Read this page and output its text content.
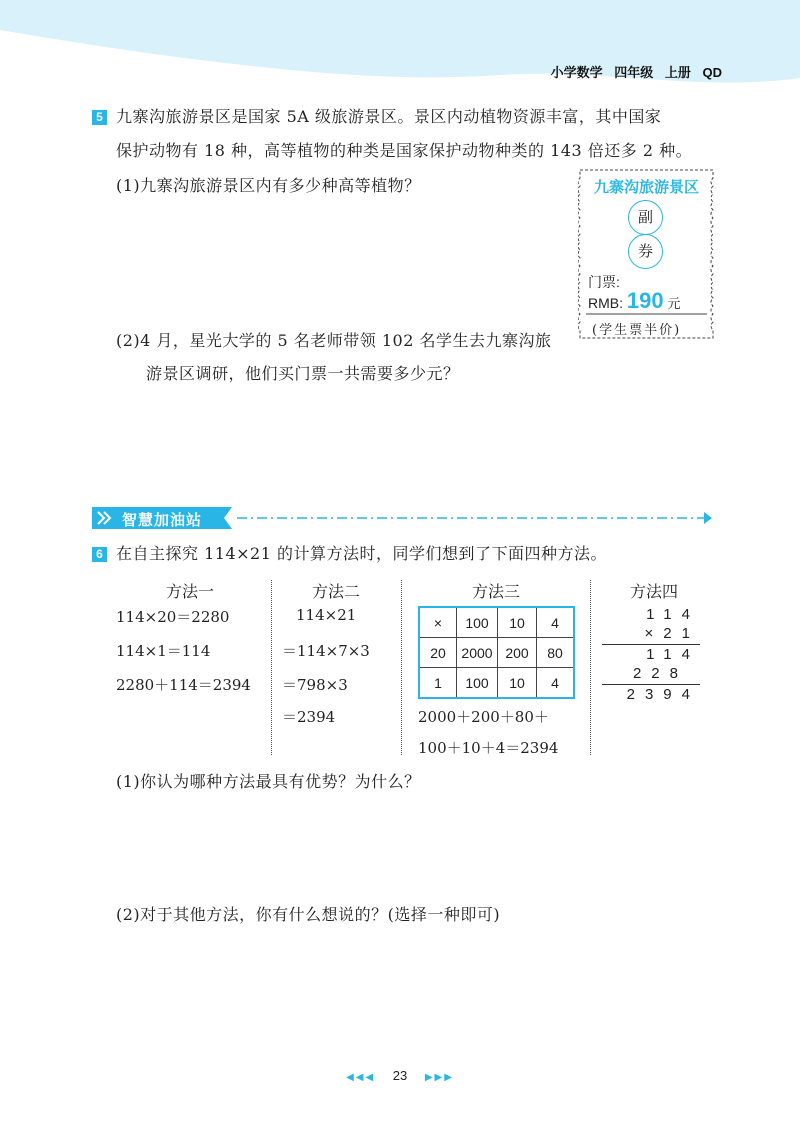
小学数学 四年级 上册 QD
5 九寨沟旅游景区是国家 5A 级旅游景区。景区内动植物资源丰富，其中国家
保护动物有 18 种，高等植物的种类是国家保护动物种类的 143 倍还多 2 种。
(1)九寨沟旅游景区内有多少种高等植物？
(2)4 月，星光大学的 5 名老师带领 102 名学生去九寨沟旅
游景区调研，他们买门票一共需要多少元？
九寨沟旅游景区
副
券
门票:
RMB: 190 元
(学生票半价)
智慧加油站
6 在自主探究 114×21 的计算方法时，同学们想到了下面四种方法。
方法一
114×20＝2280
114×1＝114
2280＋114＝2394
方法二
114×21
＝114×7×3
＝798×3
＝2394
方法三
×	100	10	4
20	2000	200	80
1	100	10	4
2000＋200＋80＋
100＋10＋4＝2394
方法四
114
×21
114
228
2394
(1)你认为哪种方法最具有优势？为什么？
(2)对于其他方法，你有什么想说的？(选择一种即可)
◀◀◀ 23 ▶▶▶
